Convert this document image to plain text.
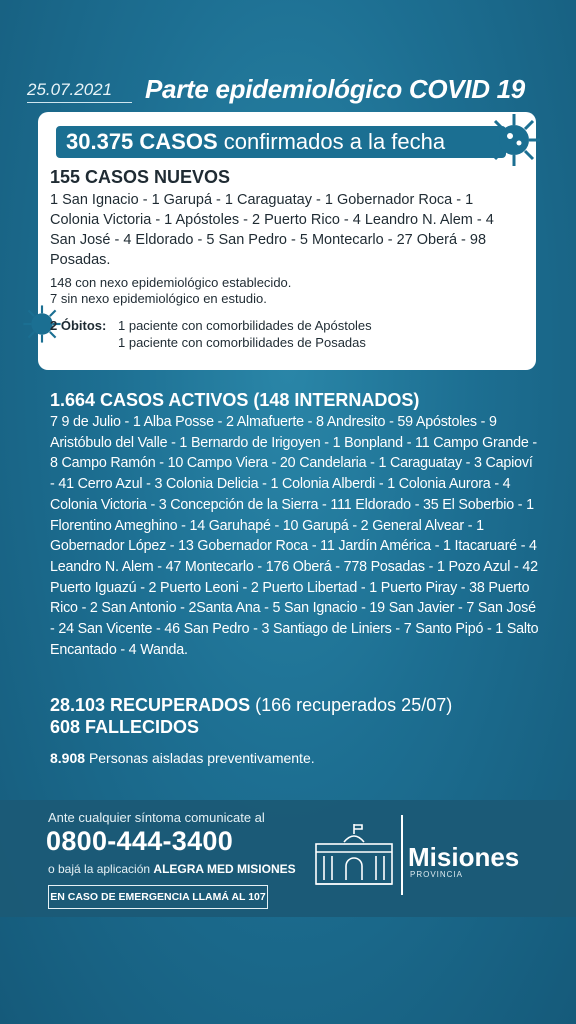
25.07.2021	Parte epidemiológico COVID 19
30.375 CASOS confirmados a la fecha
155 CASOS NUEVOS
1 San Ignacio - 1 Garupá - 1 Caraguatay - 1 Gobernador Roca - 1 Colonia Victoria - 1 Apóstoles - 2 Puerto Rico - 4 Leandro N. Alem - 4 San José - 4 Eldorado - 5 San Pedro - 5 Montecarlo - 27 Oberá - 98 Posadas.
148 con nexo epidemiológico establecido.
7 sin nexo epidemiológico en estudio.
2 Óbitos: 1 paciente con comorbilidades de Apóstoles
1 paciente con comorbilidades de Posadas
1.664 CASOS ACTIVOS (148 INTERNADOS)
7 9 de Julio - 1 Alba Posse - 2 Almafuerte - 8 Andresito - 59 Apóstoles - 9 Aristóbulo del Valle - 1 Bernardo de Irigoyen - 1 Bonpland - 11 Campo Grande - 8 Campo Ramón - 10 Campo Viera - 20 Candelaria - 1 Caraguatay - 3 Capioví - 41 Cerro Azul - 3 Colonia Delicia - 1 Colonia Alberdi - 1 Colonia Aurora - 4 Colonia Victoria - 3 Concepción de la Sierra - 111 Eldorado - 35 El Soberbio - 1 Florentino Ameghino - 14 Garuhapé - 10 Garupá - 2 General Alvear - 1 Gobernador López - 13 Gobernador Roca - 11 Jardín América - 1 Itacaruaré - 4 Leandro N. Alem - 47 Montecarlo - 176 Oberá - 778 Posadas - 1 Pozo Azul - 42 Puerto Iguazú - 2 Puerto Leoni - 2 Puerto Libertad - 1 Puerto Piray - 38 Puerto Rico - 2 San Antonio - 2Santa Ana - 5 San Ignacio - 19 San Javier - 7 San José - 24 San Vicente - 46 San Pedro - 3 Santiago de Liniers - 7 Santo Pipó - 1 Salto Encantado - 4 Wanda.
28.103 RECUPERADOS (166 recuperados 25/07)
608 FALLECIDOS
8.908 Personas aisladas preventivamente.
Ante cualquier síntoma comunicate al
0800-444-3400
o bajá la aplicación ALEGRA MED MISIONES
EN CASO DE EMERGENCIA LLAMÁ AL 107
Misiones
PROVINCIA
